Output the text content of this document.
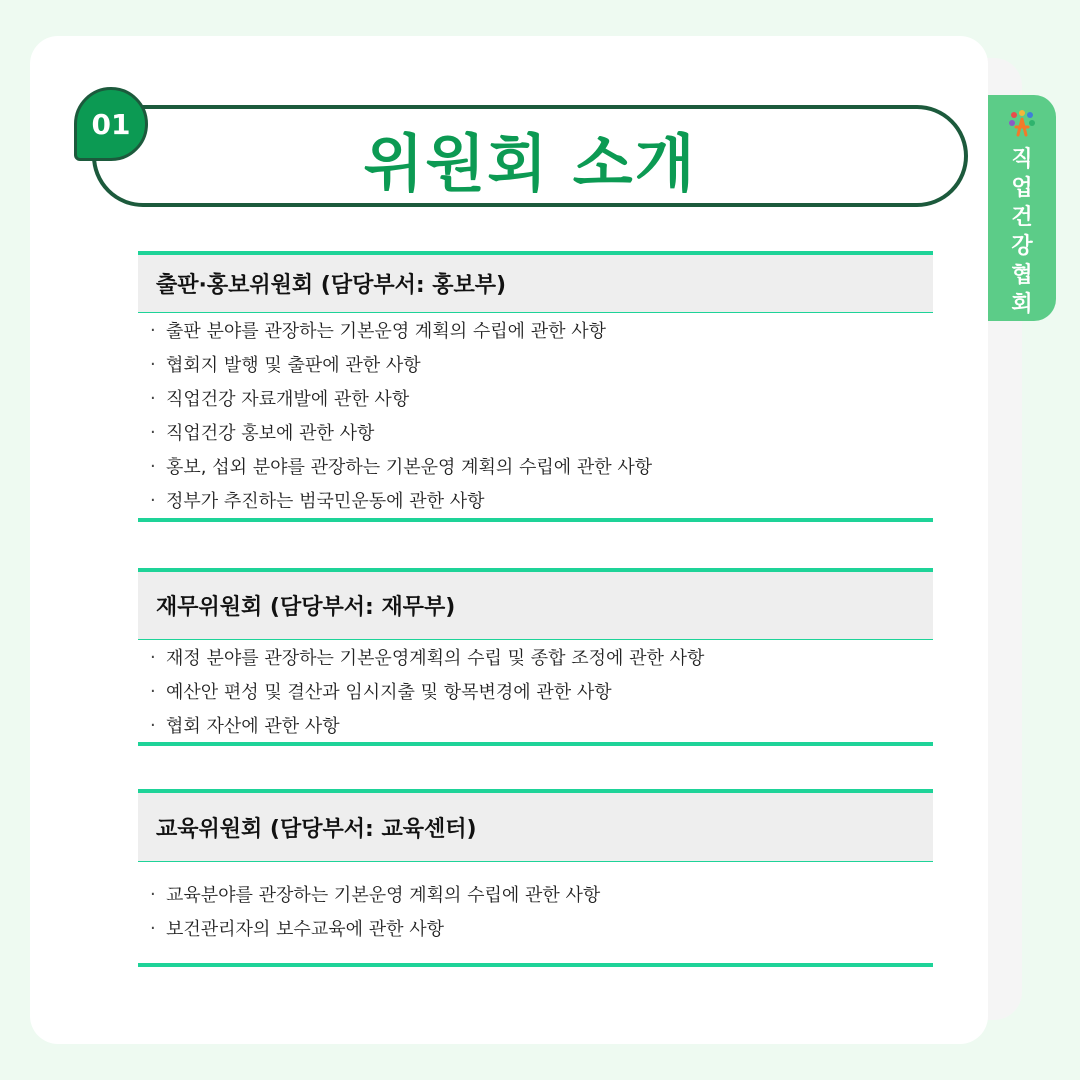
직업건강협회
위원회 소개
01
출판·홍보위원회 (담당부서: 홍보부)
· 출판 분야를 관장하는 기본운영 계획의 수립에 관한 사항
· 협회지 발행 및 출판에 관한 사항
· 직업건강 자료개발에 관한 사항
· 직업건강 홍보에 관한 사항
· 홍보, 섭외 분야를 관장하는 기본운영 계획의 수립에 관한 사항
· 정부가 추진하는 범국민운동에 관한 사항
재무위원회 (담당부서: 재무부)
· 재정 분야를 관장하는 기본운영계획의 수립 및 종합 조정에 관한 사항
· 예산안 편성 및 결산과 임시지출 및 항목변경에 관한 사항
· 협회 자산에 관한 사항
교육위원회 (담당부서: 교육센터)
· 교육분야를 관장하는 기본운영 계획의 수립에 관한 사항
· 보건관리자의 보수교육에 관한 사항
